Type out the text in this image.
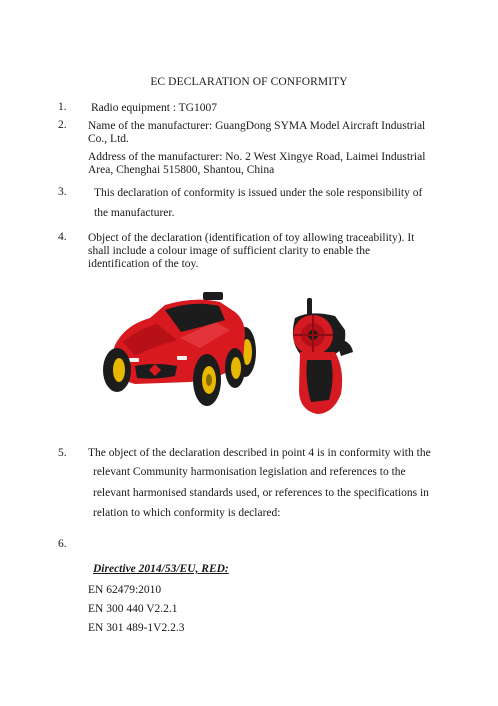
EC DECLARATION OF CONFORMITY
1. Radio equipment : TG1007
2. Name of the manufacturer: GuangDong SYMA Model Aircraft Industrial
Co., Ltd.
Address of the manufacturer: No. 2 West Xingye Road, Laimei Industrial
Area, Chenghai 515800, Shantou, China
3. This declaration of conformity is issued under the sole responsibility of
the manufacturer.
4. Object of the declaration (identification of toy allowing traceability). It
shall include a colour image of sufficient clarity to enable the
identification of the toy.
5. The object of the declaration described in point 4 is in conformity with the
relevant Community harmonisation legislation and references to the
relevant harmonised standards used, or references to the specifications in
relation to which conformity is declared:
6.
Directive 2014/53/EU, RED:
EN 62479:2010
EN 300 440 V2.2.1
EN 301 489-1V2.2.3
